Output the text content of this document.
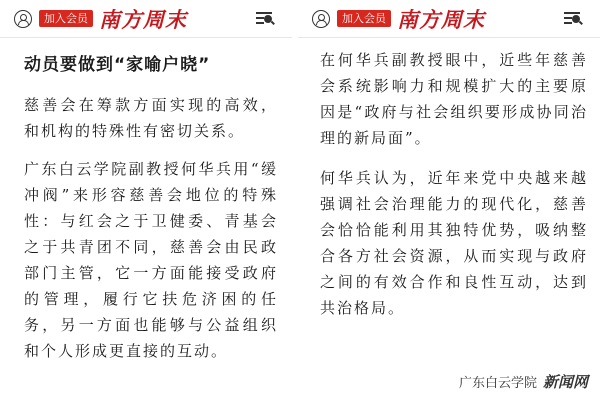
加入会员 南方周末
动员要做到“家喻户晓”

慈善会在筹款方面实现的高效，和机构的特殊性有密切关系。

广东白云学院副教授何华兵用“缓冲阀”来形容慈善会地位的特殊性：与红会之于卫健委、青基会之于共青团不同，慈善会由民政部门主管，它一方面能接受政府的管理，履行它扶危济困的任务，另一方面也能够与公益组织和个人形成更直接的互动。

加入会员 南方周末

在何华兵副教授眼中，近些年慈善会系统影响力和规模扩大的主要原因是“政府与社会组织要形成协同治理的新局面”。

何华兵认为，近年来党中央越来越强调社会治理能力的现代化，慈善会恰恰能利用其独特优势，吸纳整合各方社会资源，从而实现与政府之间的有效合作和良性互动，达到共治格局。

广东白云学院 新闻网
